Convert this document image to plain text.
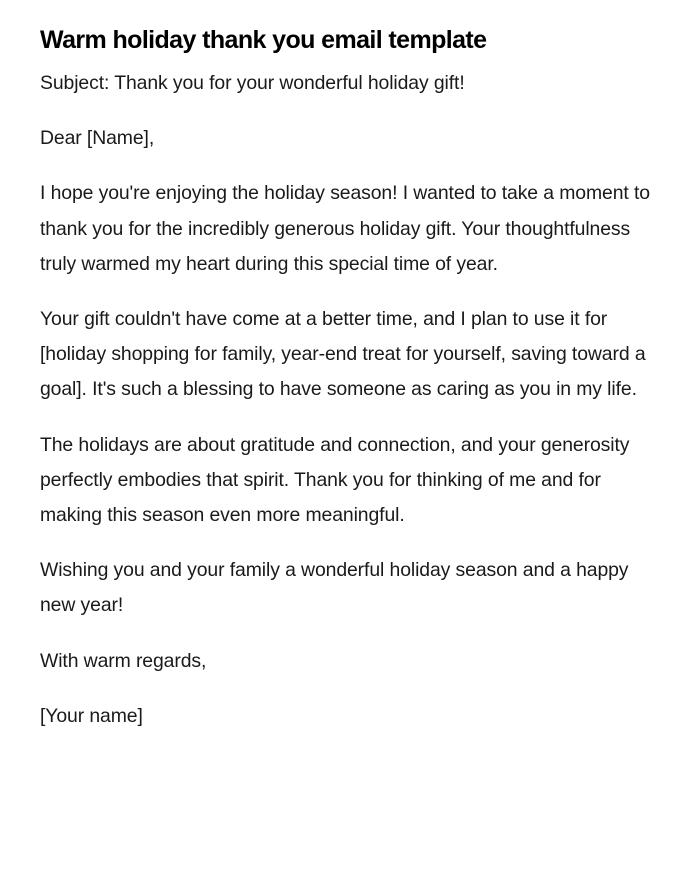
Warm holiday thank you email template

Subject: Thank you for your wonderful holiday gift!

Dear [Name],

I hope you're enjoying the holiday season! I wanted to take a moment to thank you for the incredibly generous holiday gift. Your thoughtfulness truly warmed my heart during this special time of year.

Your gift couldn't have come at a better time, and I plan to use it for [holiday shopping for family, year-end treat for yourself, saving toward a goal]. It's such a blessing to have someone as caring as you in my life.

The holidays are about gratitude and connection, and your generosity perfectly embodies that spirit. Thank you for thinking of me and for making this season even more meaningful.

Wishing you and your family a wonderful holiday season and a happy new year!

With warm regards,

[Your name]
